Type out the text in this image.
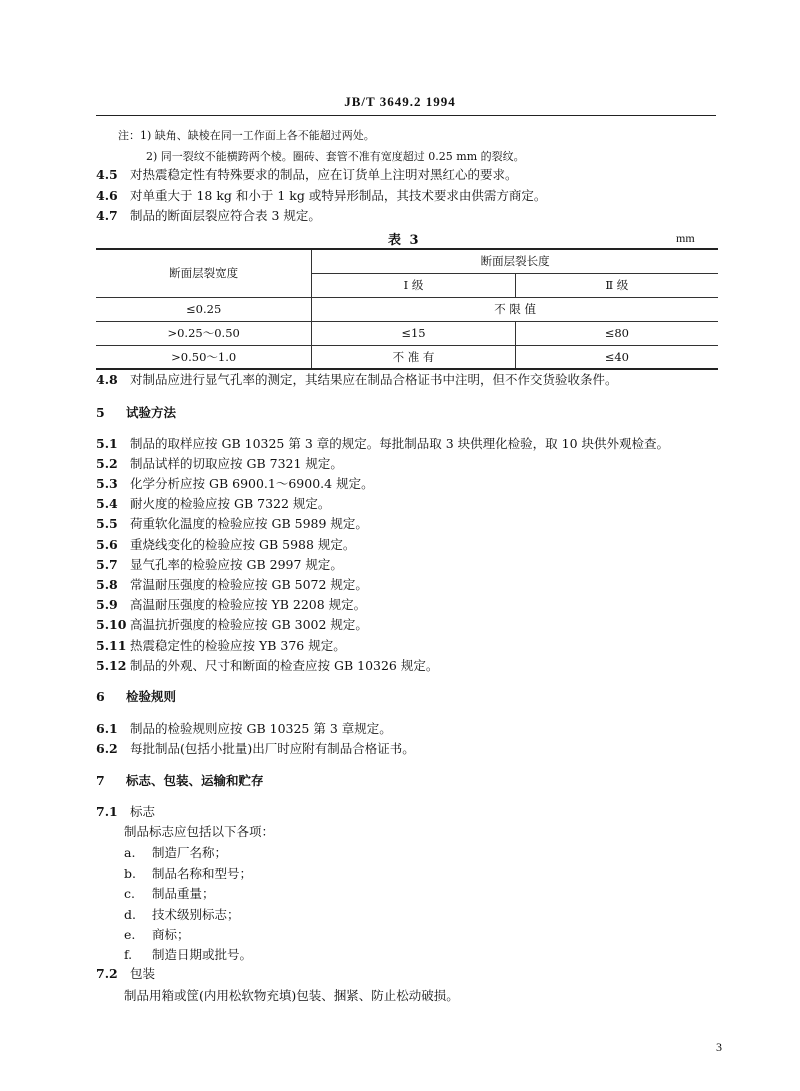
JB/T 3649.2 1994
注：1) 缺角、缺棱在同一工作面上各不能超过两处。
2) 同一裂纹不能横跨两个棱。圈砖、套管不准有宽度超过 0.25 mm 的裂纹。
4.5 对热震稳定性有特殊要求的制品，应在订货单上注明对黑红心的要求。
4.6 对单重大于 18 kg 和小于 1 kg 或特异形制品，其技术要求由供需方商定。
4.7 制品的断面层裂应符合表 3 规定。
表 3	mm
断面层裂宽度	断面层裂长度	
	Ⅰ 级	Ⅱ 级
≤0.25	不 限 值	
>0.25～0.50	≤15	≤80
>0.50～1.0	不 准 有	≤40
4.8 对制品应进行显气孔率的测定，其结果应在制品合格证书中注明，但不作交货验收条件。
5 试验方法
5.1 制品的取样应按 GB 10325 第 3 章的规定。每批制品取 3 块供理化检验，取 10 块供外观检查。
5.2 制品试样的切取应按 GB 7321 规定。
5.3 化学分析应按 GB 6900.1～6900.4 规定。
5.4 耐火度的检验应按 GB 7322 规定。
5.5 荷重软化温度的检验应按 GB 5989 规定。
5.6 重烧线变化的检验应按 GB 5988 规定。
5.7 显气孔率的检验应按 GB 2997 规定。
5.8 常温耐压强度的检验应按 GB 5072 规定。
5.9 高温耐压强度的检验应按 YB 2208 规定。
5.10 高温抗折强度的检验应按 GB 3002 规定。
5.11 热震稳定性的检验应按 YB 376 规定。
5.12 制品的外观、尺寸和断面的检查应按 GB 10326 规定。
6 检验规则
6.1 制品的检验规则应按 GB 10325 第 3 章规定。
6.2 每批制品(包括小批量)出厂时应附有制品合格证书。
7 标志、包装、运输和贮存
7.1 标志
制品标志应包括以下各项：
a. 制造厂名称；
b. 制品名称和型号；
c. 制品重量；
d. 技术级别标志；
e. 商标；
f. 制造日期或批号。
7.2 包装
制品用箱或筐(内用松软物充填)包装、捆紧、防止松动破损。
3
